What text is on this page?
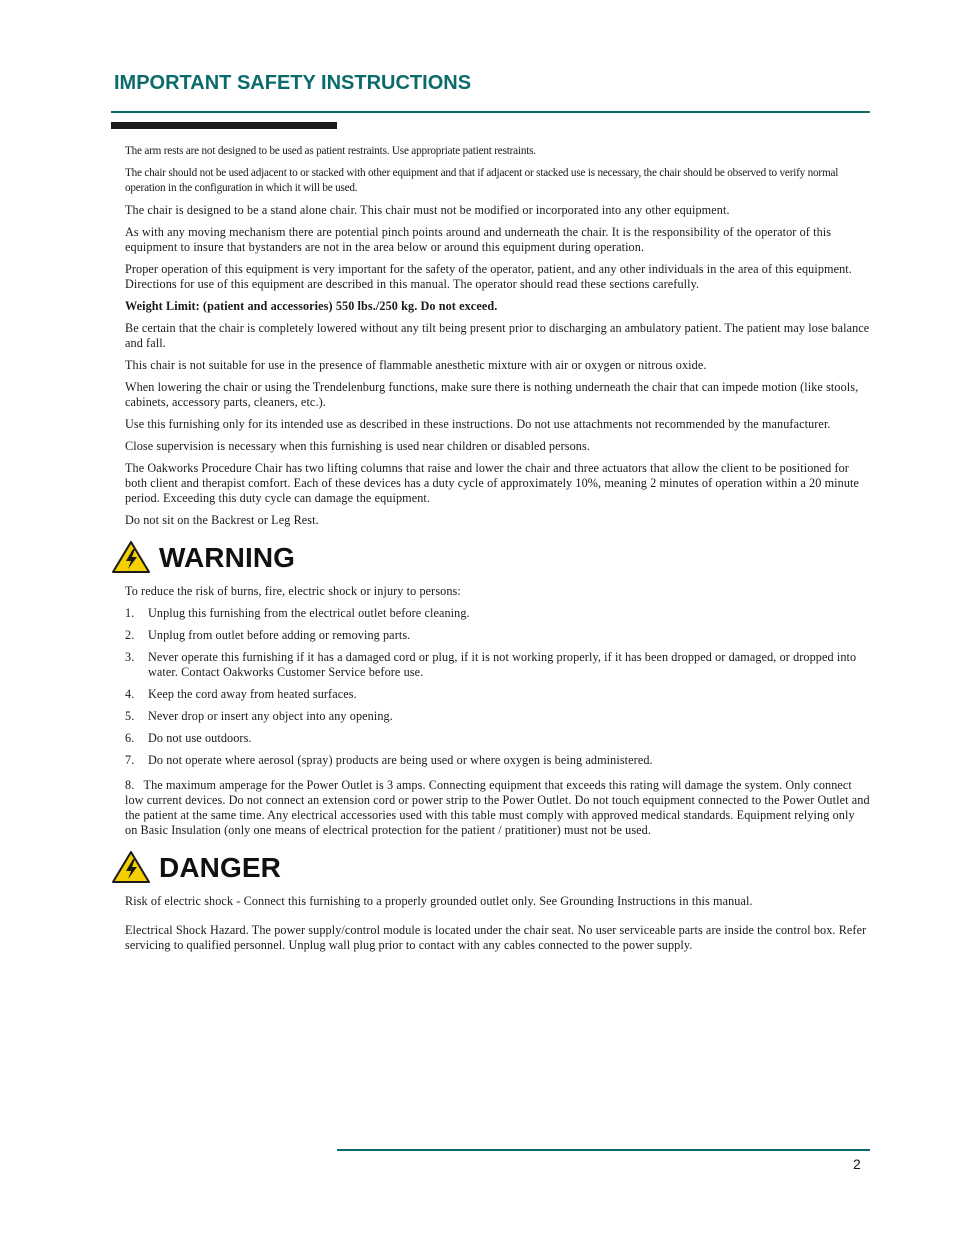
IMPORTANT SAFETY INSTRUCTIONS

The arm rests are not designed to be used as patient restraints. Use appropriate patient restraints.

The chair should not be used adjacent to or stacked with other equipment and that if adjacent or stacked use is necessary, the chair should be observed to verify normal operation in the configuration in which it will be used.

The chair is designed to be a stand alone chair. This chair must not be modified or incorporated into any other equipment.

As with any moving mechanism there are potential pinch points around and underneath the chair. It is the responsibility of the operator of this equipment to insure that bystanders are not in the area below or around this equipment during operation.

Proper operation of this equipment is very important for the safety of the operator, patient, and any other individuals in the area of this equipment. Directions for use of this equipment are described in this manual. The operator should read these sections carefully.

Weight Limit: (patient and accessories) 550 lbs./250 kg. Do not exceed.

Be certain that the chair is completely lowered without any tilt being present prior to discharging an ambulatory patient. The patient may lose balance and fall.

This chair is not suitable for use in the presence of flammable anesthetic mixture with air or oxygen or nitrous oxide.

When lowering the chair or using the Trendelenburg functions, make sure there is nothing underneath the chair that can impede motion (like stools, cabinets, accessory parts, cleaners, etc.).

Use this furnishing only for its intended use as described in these instructions. Do not use attachments not recommended by the manufacturer.

Close supervision is necessary when this furnishing is used near children or disabled persons.

The Oakworks Procedure Chair has two lifting columns that raise and lower the chair and three actuators that allow the client to be positioned for both client and therapist comfort. Each of these devices has a duty cycle of approximately 10%, meaning 2 minutes of operation within a 20 minute period. Exceeding this duty cycle can damage the equipment.

Do not sit on the Backrest or Leg Rest.

WARNING

To reduce the risk of burns, fire, electric shock or injury to persons:

1.	Unplug this furnishing from the electrical outlet before cleaning.
2.	Unplug from outlet before adding or removing parts.
3.	Never operate this furnishing if it has a damaged cord or plug, if it is not working properly, if it has been dropped or damaged, or dropped into water. Contact Oakworks Customer Service before use.
4.	Keep the cord away from heated surfaces.
5.	Never drop or insert any object into any opening.
6.	Do not use outdoors.
7.	Do not operate where aerosol (spray) products are being used or where oxygen is being administered.

8.   The maximum amperage for the Power Outlet is 3 amps. Connecting equipment that exceeds this rating will damage the system. Only connect low current devices. Do not connect an extension cord or power strip to the Power Outlet. Do not touch equipment connected to the Power Outlet and the patient at the same time. Any electrical accessories used with this table must comply with approved medical standards. Equipment relying only on Basic Insulation (only one means of electrical protection for the patient / pratitioner) must not be used.

DANGER

Risk of electric shock - Connect this furnishing to a properly grounded outlet only. See Grounding Instructions in this manual.

Electrical Shock Hazard. The power supply/control module is located under the chair seat. No user serviceable parts are inside the control box. Refer servicing to qualified personnel. Unplug wall plug prior to contact with any cables connected to the power supply.

2
